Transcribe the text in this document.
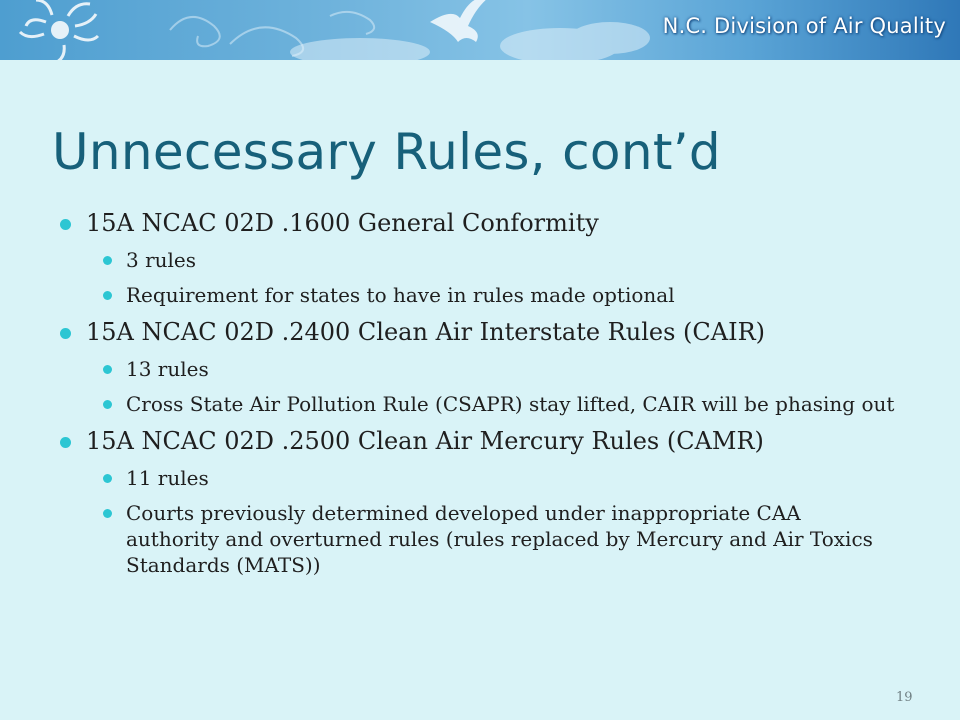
N.C. Division of Air Quality
Unnecessary Rules, cont’d
15A NCAC 02D .1600 General Conformity
3 rules
Requirement for states to have in rules made optional
15A NCAC 02D .2400 Clean Air Interstate Rules (CAIR)
13 rules
Cross State Air Pollution Rule (CSAPR) stay lifted, CAIR will be phasing out
15A NCAC 02D .2500 Clean Air Mercury Rules (CAMR)
11 rules
Courts previously determined developed under inappropriate CAA authority and overturned rules (rules replaced by Mercury and Air Toxics Standards (MATS))
19
